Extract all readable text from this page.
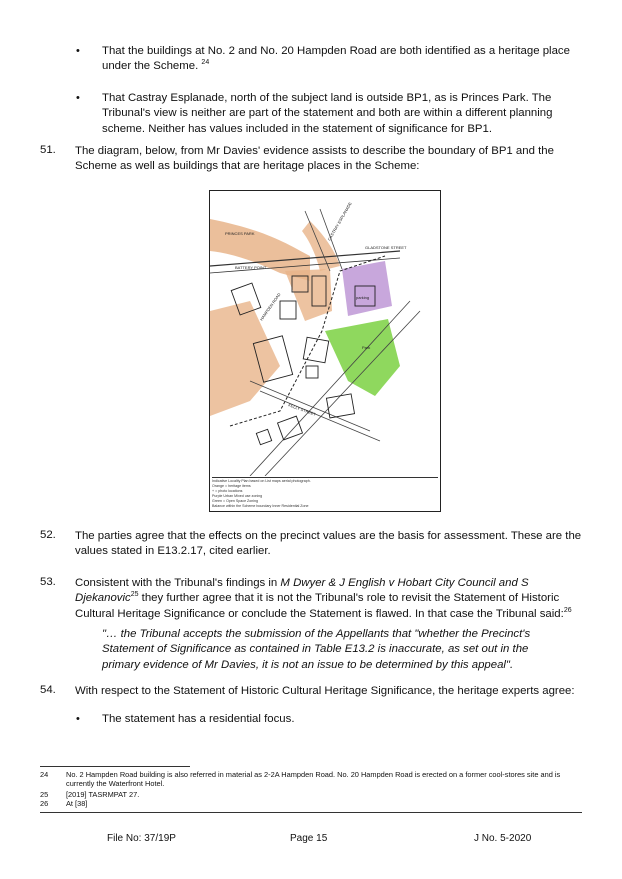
• That the buildings at No. 2 and No. 20 Hampden Road are both identified as a heritage place under the Scheme. $^{24}$
• That Castray Esplanade, north of the subject land is outside BP1, as is Princes Park. The Tribunal's view is neither are part of the statement and both are within a different planning scheme. Neither has values included in the statement of significance for BP1.
51. The diagram, below, from Mr Davies' evidence assists to describe the boundary of BP1 and the Scheme as well as buildings that are heritage places in the Scheme:
PRINCES PARK	CASTRAY ESPLANADE
BATTERY POINT
HAMPDEN ROAD
KELLY STREET
parking
Park
GLADSTONE STREET
Indicative Locality Plan based on List maps aerial photograph.
Orange = heritage items
+ = photo locations
Purple Urban Mixed use zoning
Green = Open Space Zoning
Balance within the Scheme boundary Inner Residential Zone
52. The parties agree that the effects on the precinct values are the basis for assessment. These are the values stated in E13.2.17, cited earlier.
53. Consistent with the Tribunal's findings in M Dwyer & J English v Hobart City Council and S Djekanovic$^{25}$ they further agree that it is not the Tribunal's role to revisit the Statement of Historic Cultural Heritage Significance or conclude the Statement is flawed. In that case the Tribunal said:$^{26}$
"… the Tribunal accepts the submission of the Appellants that "whether the Precinct's Statement of Significance as contained in Table E13.2 is inaccurate, as set out in the primary evidence of Mr Davies, it is not an issue to be determined by this appeal".
54. With respect to the Statement of Historic Cultural Heritage Significance, the heritage experts agree:
• The statement has a residential focus.
24 No. 2 Hampden Road building is also referred in material as 2-2A Hampden Road. No. 20 Hampden Road is erected on a former cool-stores site and is currently the Waterfront Hotel.
25 [2019] TASRMPAT 27.
26 At [38]
File No: 37/19P	Page 15	J No. 5-2020
